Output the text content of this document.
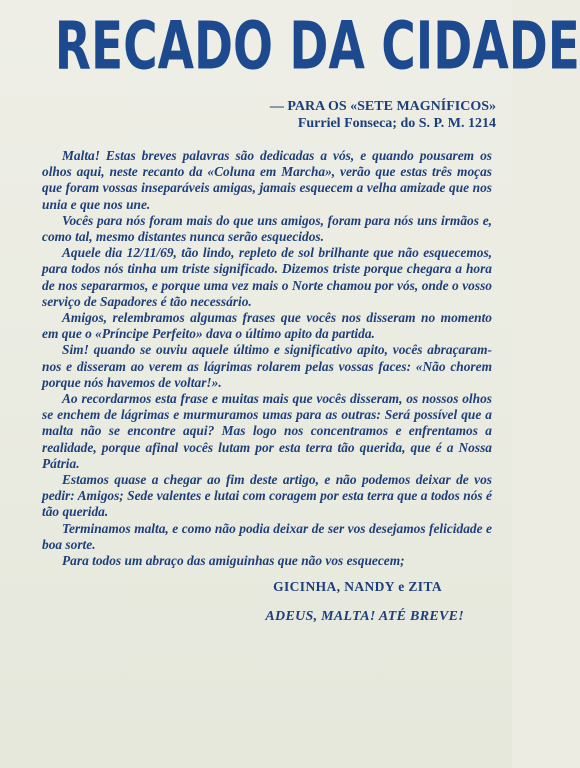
RECADO DA CIDADE
— PARA OS «SETE MAGNÍFICOS»
Furriel Fonseca; do S. P. M. 1214

Malta! Estas breves palavras são dedicadas a vós, e quando pousarem os olhos aqui, neste recanto da «Coluna em Marcha», verão que estas três moças que foram vossas inseparáveis amigas, jamais esquecem a velha amizade que nos unia e que nos une.

Vocês para nós foram mais do que uns amigos, foram para nós uns irmãos e, como tal, mesmo distantes nunca serão esquecidos.

Aquele dia 12/11/69, tão lindo, repleto de sol brilhante que não esquecemos, para todos nós tinha um triste significado. Dizemos triste porque chegara a hora de nos separarmos, e porque uma vez mais o Norte chamou por vós, onde o vosso serviço de Sapadores é tão necessário.

Amigos, relembramos algumas frases que vocês nos disseram no momento em que o «Príncipe Perfeito» dava o último apito da partida.

Sim! quando se ouviu aquele último e significativo apito, vocês abraçaram-nos e disseram ao verem as lágrimas rolarem pelas vossas faces: «Não chorem porque nós havemos de voltar!».

Ao recordarmos esta frase e muitas mais que vocês disseram, os nossos olhos se enchem de lágrimas e murmuramos umas para as outras: Será possível que a malta não se encontre aqui? Mas logo nos concentramos e enfrentamos a realidade, porque afinal vocês lutam por esta terra tão querida, que é a Nossa Pátria.

Estamos quase a chegar ao fim deste artigo, e não podemos deixar de vos pedir: Amigos; Sede valentes e lutai com coragem por esta terra que a todos nós é tão querida.

Terminamos malta, e como não podia deixar de ser vos desejamos felicidade e boa sorte.

Para todos um abraço das amiguinhas que não vos esquecem;

GICINHA, NANDY e ZITA
ADEUS, MALTA! ATÉ BREVE!
